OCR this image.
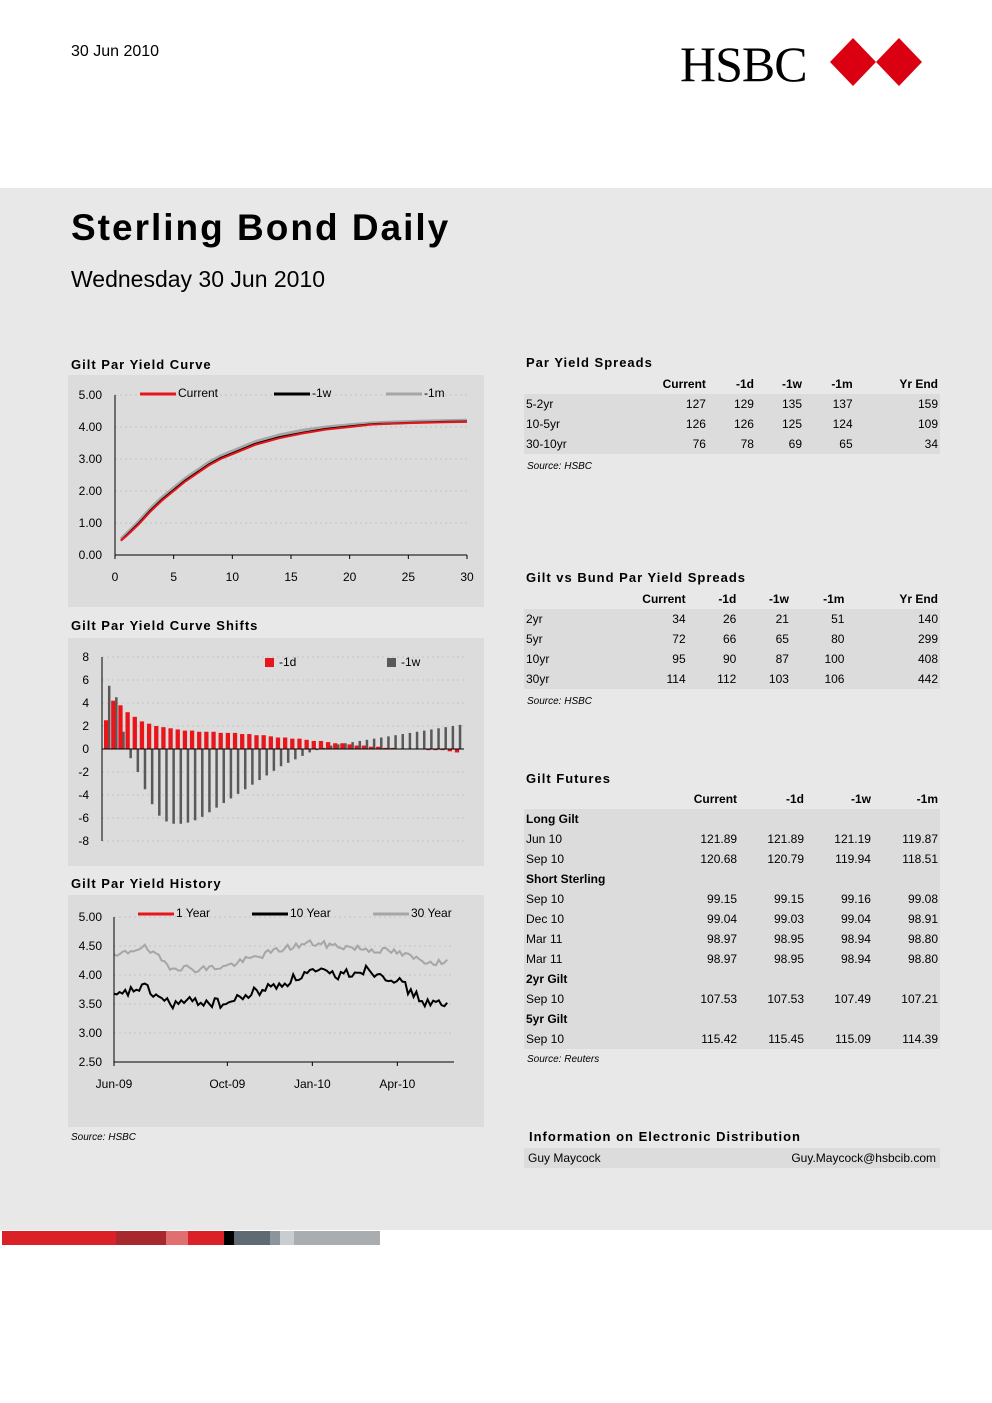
30 Jun 2010	HSBC
Sterling Bond Daily
Wednesday 30 Jun 2010
Gilt Par Yield Curve
5.00
4.00
3.00
2.00
1.00
0.00
0	5	10	15	20	25	30
Current	-1w	-1m
Gilt Par Yield Curve Shifts
8
6
4
2
0
-2
-4
-6
-8
-1d	-1w
Gilt Par Yield History
5.00
4.50
4.00
3.50
3.00
2.50
Jun-09	Oct-09	Jan-10	Apr-10
1 Year	10 Year	30 Year
Source: HSBC
Par Yield Spreads
	Current	-1d	-1w	-1m	Yr End
5-2yr	127	129	135	137	159
10-5yr	126	126	125	124	109
30-10yr	76	78	69	65	34
Source: HSBC
Gilt vs Bund Par Yield Spreads
	Current	-1d	-1w	-1m	Yr End
2yr	34	26	21	51	140
5yr	72	66	65	80	299
10yr	95	90	87	100	408
30yr	114	112	103	106	442
Source: HSBC
Gilt Futures
	Current	-1d	-1w	-1m
Long Gilt				
Jun 10	121.89	121.89	121.19	119.87
Sep 10	120.68	120.79	119.94	118.51
Short Sterling				
Sep 10	99.15	99.15	99.16	99.08
Dec 10	99.04	99.03	99.04	98.91
Mar 11	98.97	98.95	98.94	98.80
Mar 11	98.97	98.95	98.94	98.80
2yr Gilt				
Sep 10	107.53	107.53	107.49	107.21
5yr Gilt				
Sep 10	115.42	115.45	115.09	114.39
Source: Reuters
Information on Electronic Distribution
Guy Maycock	Guy.Maycock@hsbcib.com
